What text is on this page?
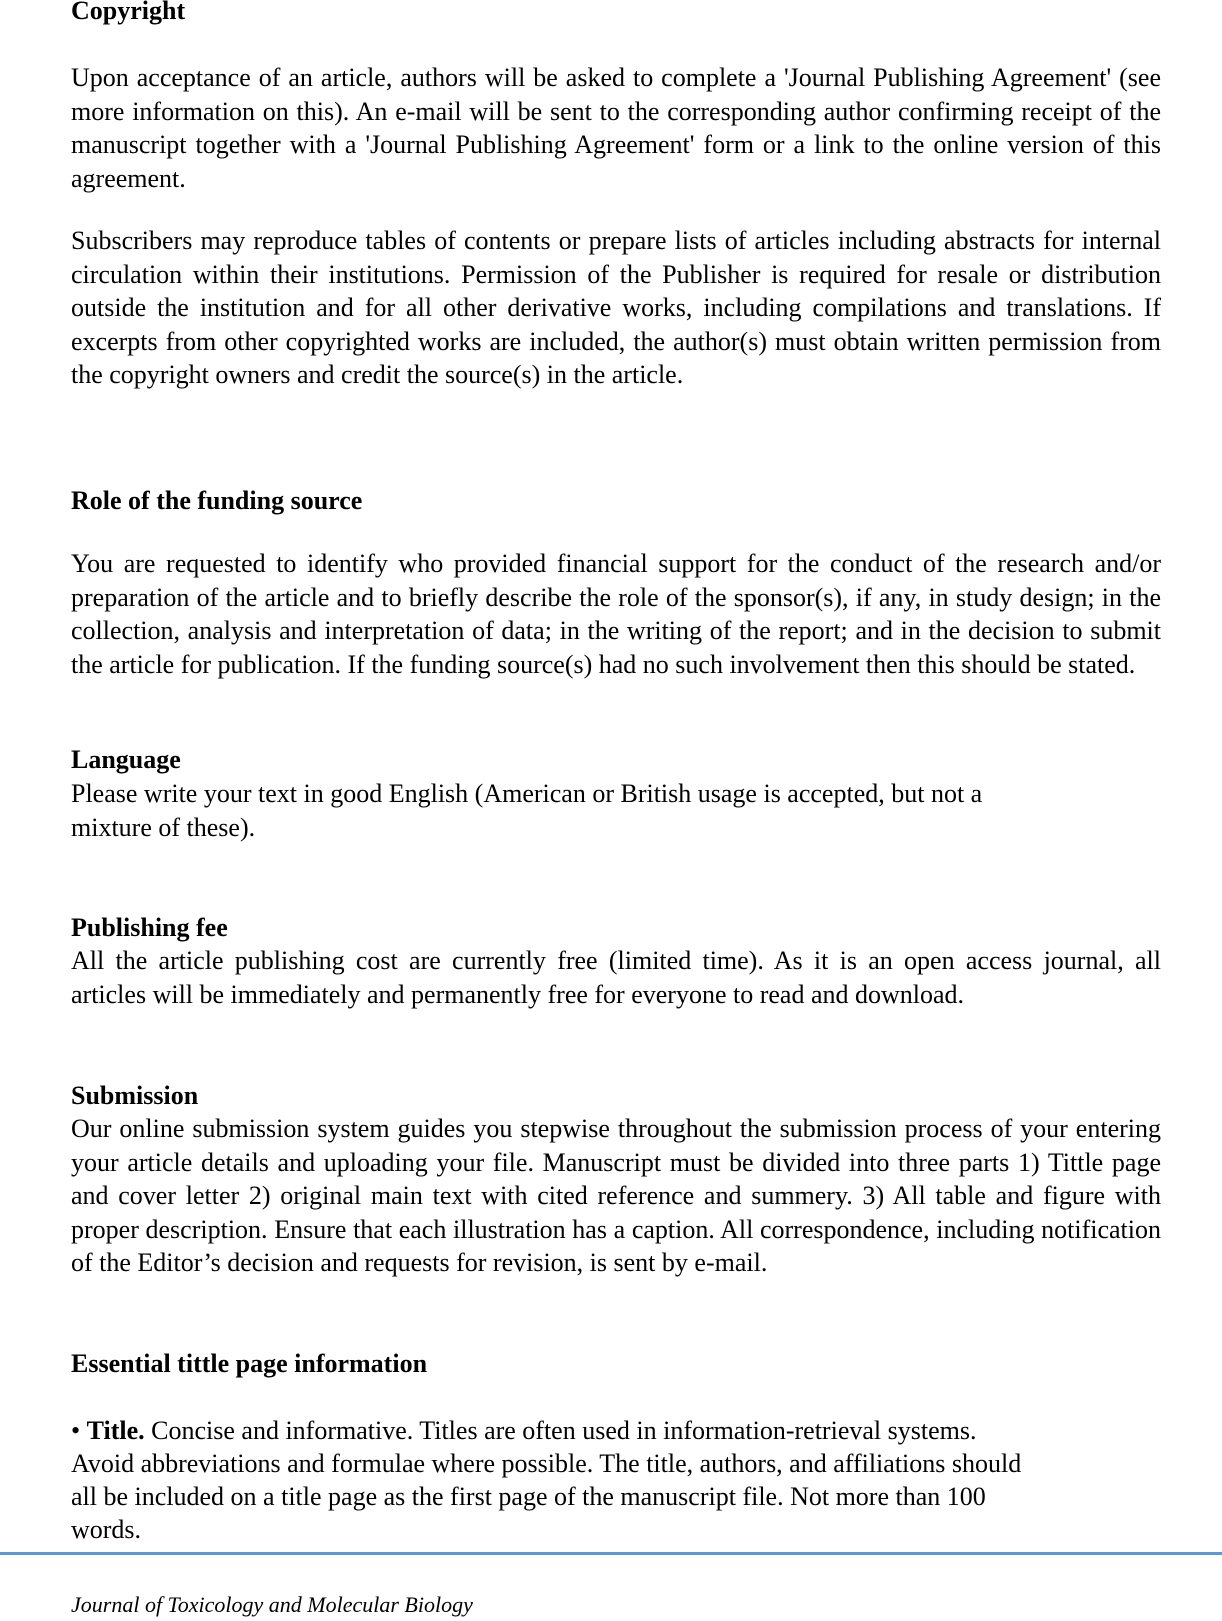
Copyright

Upon acceptance of an article, authors will be asked to complete a 'Journal Publishing Agreement' (see more information on this). An e-mail will be sent to the corresponding author confirming receipt of the manuscript together with a 'Journal Publishing Agreement' form or a link to the online version of this agreement.

Subscribers may reproduce tables of contents or prepare lists of articles including abstracts for internal circulation within their institutions. Permission of the Publisher is required for resale or distribution outside the institution and for all other derivative works, including compilations and translations. If excerpts from other copyrighted works are included, the author(s) must obtain written permission from the copyright owners and credit the source(s) in the article.

Role of the funding source

You are requested to identify who provided financial support for the conduct of the research and/or preparation of the article and to briefly describe the role of the sponsor(s), if any, in study design; in the collection, analysis and interpretation of data; in the writing of the report; and in the decision to submit the article for publication. If the funding source(s) had no such involvement then this should be stated.

Language
Please write your text in good English (American or British usage is accepted, but not a
mixture of these).
Publishing fee

All the article publishing cost are currently free (limited time). As it is an open access journal, all articles will be immediately and permanently free for everyone to read and download.

Submission

Our online submission system guides you stepwise throughout the submission process of your entering your article details and uploading your file. Manuscript must be divided into three parts 1) Tittle page and cover letter 2) original main text with cited reference and summery. 3) All table and figure with proper description. Ensure that each illustration has a caption. All correspondence, including notification of the Editor’s decision and requests for revision, is sent by e-mail.

Essential tittle page information
• Title. Concise and informative. Titles are often used in information-retrieval systems.
Avoid abbreviations and formulae where possible. The title, authors, and affiliations should
all be included on a title page as the first page of the manuscript file. Not more than 100
words.
Journal of Toxicology and Molecular Biology
